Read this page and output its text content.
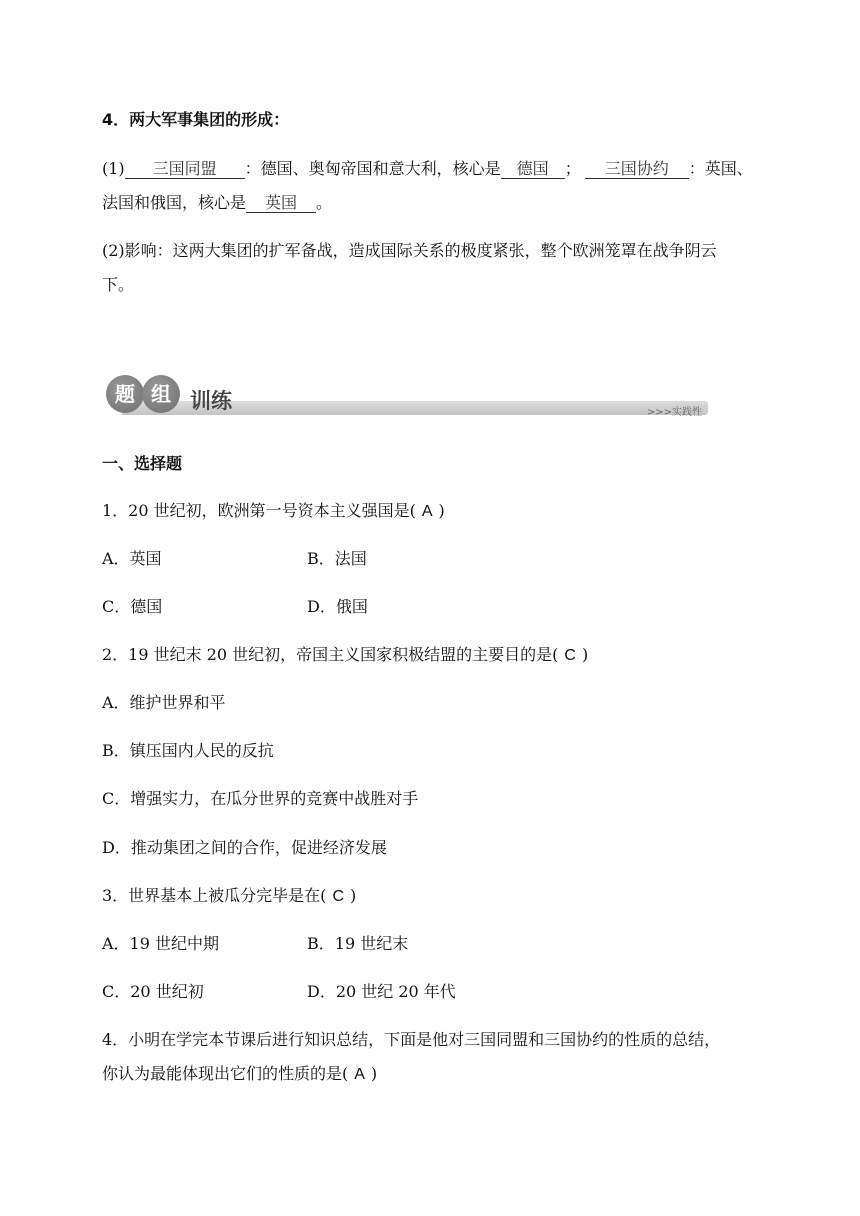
4．两大军事集团的形成：
(1) 三国同盟 ：德国、奥匈帝国和意大利，核心是 德国 ； 三国协约 ：英国、
法国和俄国，核心是 英国 。
(2)影响：这两大集团的扩军备战，造成国际关系的极度紧张，整个欧洲笼罩在战争阴云
下。
题 组 训练	>>>实践性
一、选择题
1．20 世纪初，欧洲第一号资本主义强国是( A )
A．英国	B．法国
C．德国	D．俄国
2．19 世纪末 20 世纪初，帝国主义国家积极结盟的主要目的是( C )
A．维护世界和平
B．镇压国内人民的反抗
C．增强实力，在瓜分世界的竞赛中战胜对手
D．推动集团之间的合作，促进经济发展
3．世界基本上被瓜分完毕是在( C )
A．19 世纪中期	B．19 世纪末
C．20 世纪初	D．20 世纪 20 年代
4．小明在学完本节课后进行知识总结，下面是他对三国同盟和三国协约的性质的总结，
你认为最能体现出它们的性质的是( A )
